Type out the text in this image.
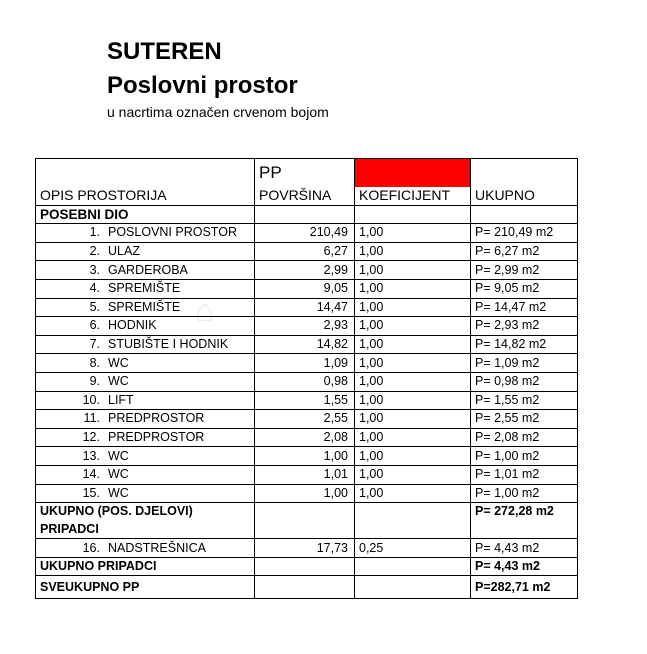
SUTEREN
Poslovni prostor
u nacrtima označen crvenom bojom
⌂
	PP		
OPIS PROSTORIJA	POVRŠINA	KOEFICIJENT	UKUPNO
POSEBNI DIO			
1. POSLOVNI PROSTOR	210,49	1,00	P= 210,49 m2
2. ULAZ	6,27	1,00	P= 6,27 m2
3. GARDEROBA	2,99	1,00	P= 2,99 m2
4. SPREMIŠTE	9,05	1,00	P= 9,05 m2
5. SPREMIŠTE	14,47	1,00	P= 14,47 m2
6. HODNIK	2,93	1,00	P= 2,93 m2
7. STUBIŠTE I HODNIK	14,82	1,00	P= 14,82 m2
8. WC	1,09	1,00	P= 1,09 m2
9. WC	0,98	1,00	P= 0,98 m2
10. LIFT	1,55	1,00	P= 1,55 m2
11. PREDPROSTOR	2,55	1,00	P= 2,55 m2
12. PREDPROSTOR	2,08	1,00	P= 2,08 m2
13. WC	1,00	1,00	P= 1,00 m2
14. WC	1,01	1,00	P= 1,01 m2
15. WC	1,00	1,00	P= 1,00 m2
UKUPNO (POS. DJELOVI)			P= 272,28 m2
PRIPADCI			
16. NADSTREŠNICA	17,73	0,25	P= 4,43 m2
UKUPNO PRIPADCI			P= 4,43 m2
SVEUKUPNO PP			P=282,71 m2
